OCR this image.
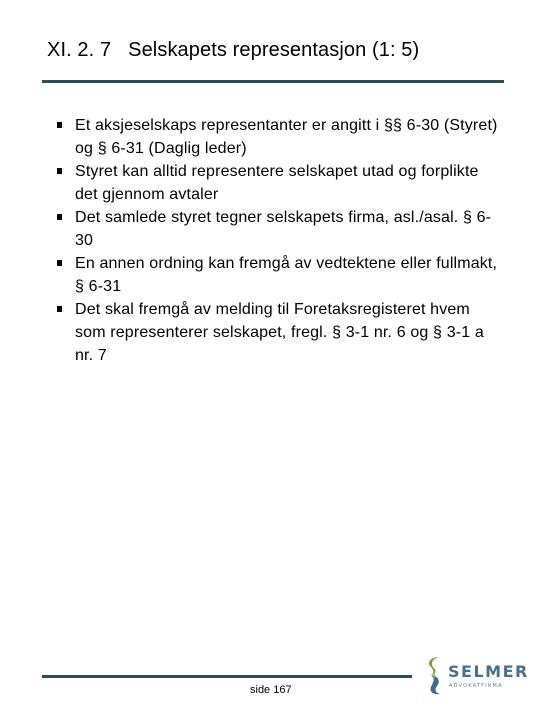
XI. 2. 7   Selskapets representasjon (1: 5)
Et aksjeselskaps representanter er angitt i §§ 6-30 (Styret) og § 6-31 (Daglig leder)
Styret kan alltid representere selskapet utad og forplikte det gjennom avtaler
Det samlede styret tegner selskapets firma, asl./asal. § 6-30
En annen ordning kan fremgå av vedtektene eller fullmakt, § 6-31
Det skal fremgå av melding til Foretaksregisteret hvem som representerer selskapet, fregl. § 3-1 nr. 6 og § 3-1 a nr. 7
side 167
SELMER
ADVOKATFIRMA
